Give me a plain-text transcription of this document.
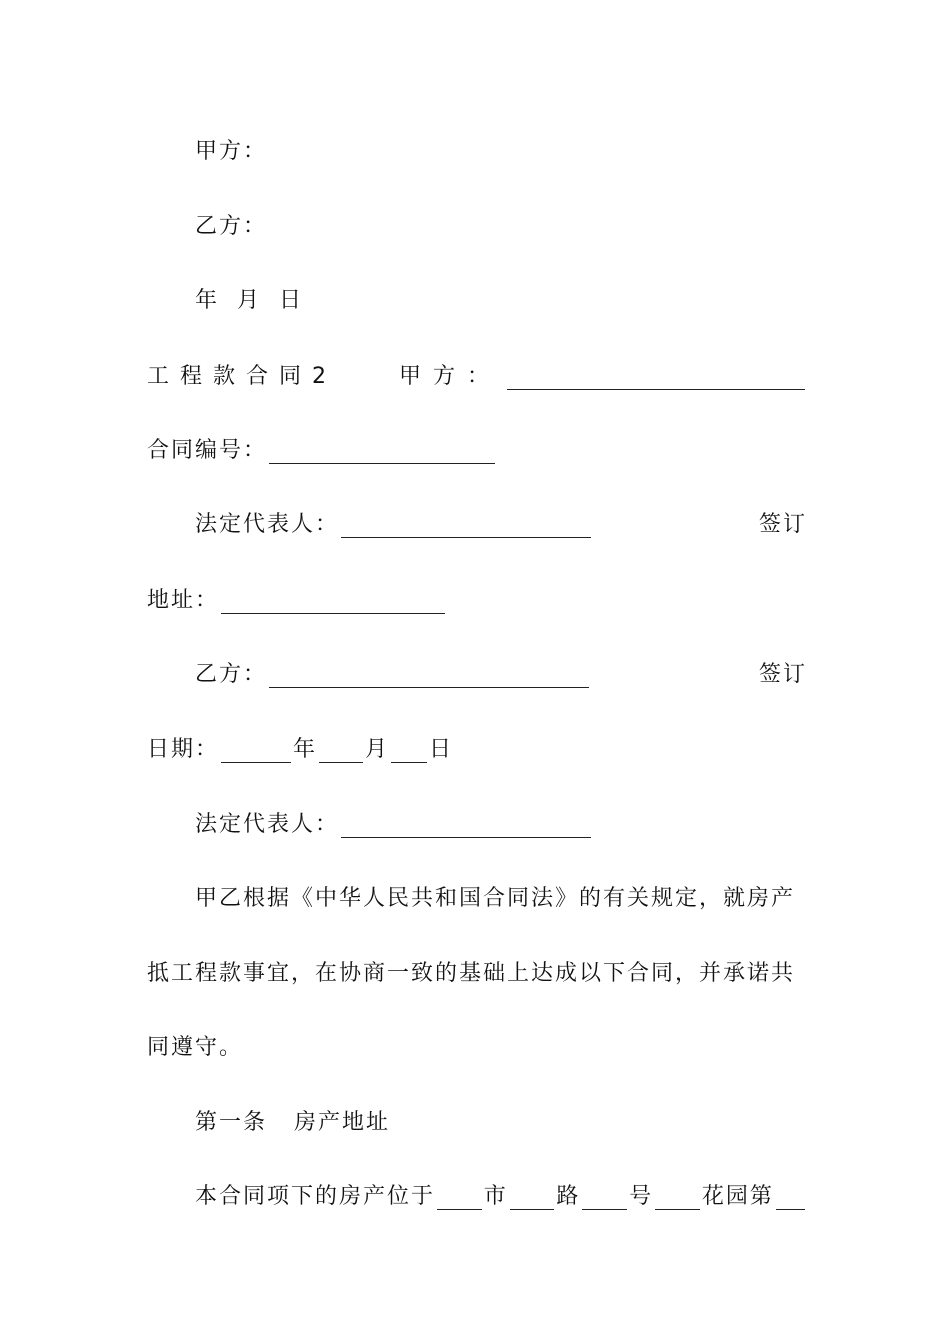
甲方：
乙方：
年  月  日
工程款合同2	甲方：
合同编号：
法定代表人：	签订
地址：
乙方：	签订
日期：	年 月 日
法定代表人：
甲乙根据《中华人民共和国合同法》的有关规定，就房产
抵工程款事宜，在协商一致的基础上达成以下合同，并承诺共
同遵守。
第一条   房产地址
本合同项下的房产位于 市 路 号 花园第
